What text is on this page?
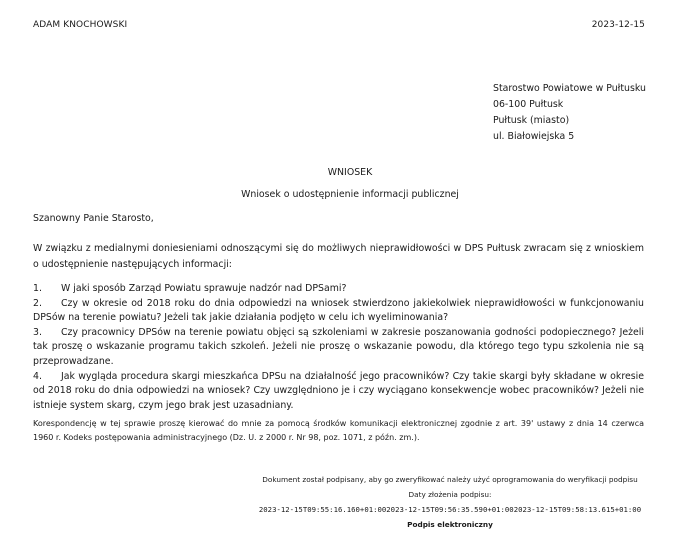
ADAM KNOCHOWSKI	2023-12-15
Starostwo Powiatowe w Pułtusku
06-100 Pułtusk
Pułtusk (miasto)
ul. Białowiejska 5
WNIOSEK
Wniosek o udostępnienie informacji publicznej
Szanowny Panie Starosto,
W związku z medialnymi doniesieniami odnoszącymi się do możliwych nieprawidłowości w DPS Pułtusk zwracam się z wnioskiem o udostępnienie następujących informacji:
1. W jaki sposób Zarząd Powiatu sprawuje nadzór nad DPSami?
2. Czy w okresie od 2018 roku do dnia odpowiedzi na wniosek stwierdzono jakiekolwiek nieprawidłowości w funkcjonowaniu DPSów na terenie powiatu? Jeżeli tak jakie działania podjęto w celu ich wyeliminowania?
3. Czy pracownicy DPSów na terenie powiatu objęci są szkoleniami w zakresie poszanowania godności podopiecznego? Jeżeli tak proszę o wskazanie programu takich szkoleń. Jeżeli nie proszę o wskazanie powodu, dla którego tego typu szkolenia nie są przeprowadzane.
4. Jak wygląda procedura skargi mieszkańca DPSu na działalność jego pracowników? Czy takie skargi były składane w okresie od 2018 roku do dnia odpowiedzi na wniosek? Czy uwzględniono je i czy wyciągano konsekwencje wobec pracowników? Jeżeli nie istnieje system skarg, czym jego brak jest uzasadniany.
Korespondencję w tej sprawie proszę kierować do mnie za pomocą środków komunikacji elektronicznej zgodnie z art. 39' ustawy z dnia 14 czerwca 1960 r. Kodeks postępowania administracyjnego (Dz. U. z 2000 r. Nr 98, poz. 1071, z późn. zm.).
Dokument został podpisany, aby go zweryfikować należy użyć oprogramowania do weryfikacji podpisu
Daty złożenia podpisu:
2023-12-15T09:55:16.160+01:002023-12-15T09:56:35.590+01:002023-12-15T09:58:13.615+01:00
Podpis elektroniczny
